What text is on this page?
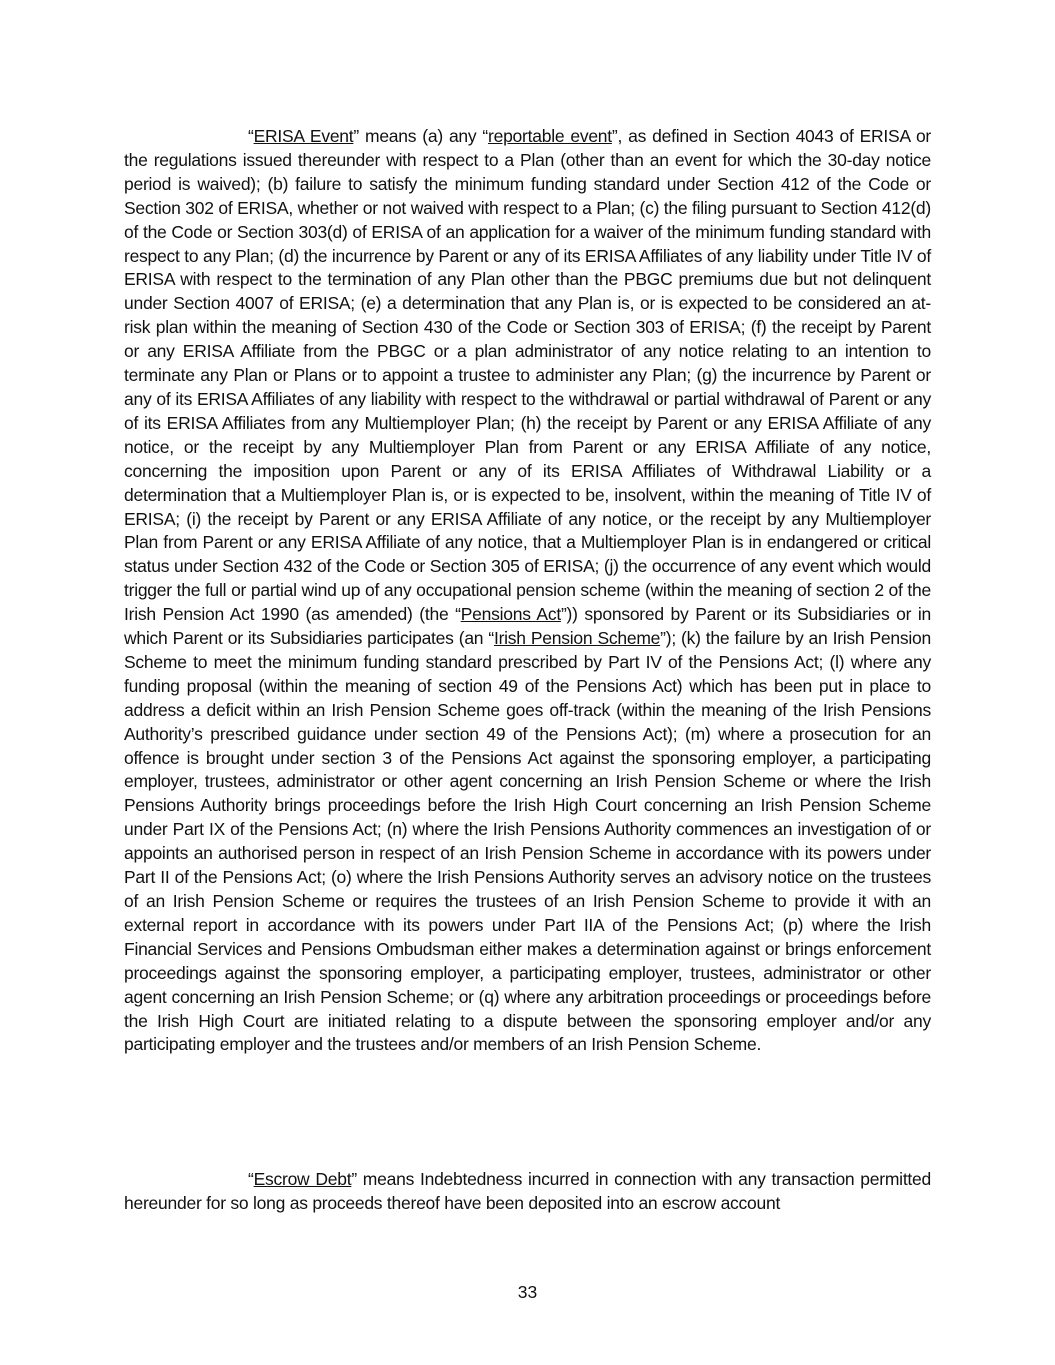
“ERISA Event” means (a) any “reportable event”, as defined in Section 4043 of ERISA or the regulations issued thereunder with respect to a Plan (other than an event for which the 30-day notice period is waived); (b) failure to satisfy the minimum funding standard under Section 412 of the Code or Section 302 of ERISA, whether or not waived with respect to a Plan; (c) the filing pursuant to Section 412(d) of the Code or Section 303(d) of ERISA of an application for a waiver of the minimum funding standard with respect to any Plan; (d) the incurrence by Parent or any of its ERISA Affiliates of any liability under Title IV of ERISA with respect to the termination of any Plan other than the PBGC premiums due but not delinquent under Section 4007 of ERISA; (e) a determination that any Plan is, or is expected to be considered an at-risk plan within the meaning of Section 430 of the Code or Section 303 of ERISA; (f) the receipt by Parent or any ERISA Affiliate from the PBGC or a plan administrator of any notice relating to an intention to terminate any Plan or Plans or to appoint a trustee to administer any Plan; (g) the incurrence by Parent or any of its ERISA Affiliates of any liability with respect to the withdrawal or partial withdrawal of Parent or any of its ERISA Affiliates from any Multiemployer Plan; (h) the receipt by Parent or any ERISA Affiliate of any notice, or the receipt by any Multiemployer Plan from Parent or any ERISA Affiliate of any notice, concerning the imposition upon Parent or any of its ERISA Affiliates of Withdrawal Liability or a determination that a Multiemployer Plan is, or is expected to be, insolvent, within the meaning of Title IV of ERISA; (i) the receipt by Parent or any ERISA Affiliate of any notice, or the receipt by any Multiemployer Plan from Parent or any ERISA Affiliate of any notice, that a Multiemployer Plan is in endangered or critical status under Section 432 of the Code or Section 305 of ERISA; (j) the occurrence of any event which would trigger the full or partial wind up of any occupational pension scheme (within the meaning of section 2 of the Irish Pension Act 1990 (as amended) (the “Pensions Act”)) sponsored by Parent or its Subsidiaries or in which Parent or its Subsidiaries participates (an “Irish Pension Scheme”); (k) the failure by an Irish Pension Scheme to meet the minimum funding standard prescribed by Part IV of the Pensions Act; (l) where any funding proposal (within the meaning of section 49 of the Pensions Act) which has been put in place to address a deficit within an Irish Pension Scheme goes off-track (within the meaning of the Irish Pensions Authority’s prescribed guidance under section 49 of the Pensions Act); (m) where a prosecution for an offence is brought under section 3 of the Pensions Act against the sponsoring employer, a participating employer, trustees, administrator or other agent concerning an Irish Pension Scheme or where the Irish Pensions Authority brings proceedings before the Irish High Court concerning an Irish Pension Scheme under Part IX of the Pensions Act; (n) where the Irish Pensions Authority commences an investigation of or appoints an authorised person in respect of an Irish Pension Scheme in accordance with its powers under Part II of the Pensions Act; (o) where the Irish Pensions Authority serves an advisory notice on the trustees of an Irish Pension Scheme or requires the trustees of an Irish Pension Scheme to provide it with an external report in accordance with its powers under Part IIA of the Pensions Act; (p) where the Irish Financial Services and Pensions Ombudsman either makes a determination against or brings enforcement proceedings against the sponsoring employer, a participating employer, trustees, administrator or other agent concerning an Irish Pension Scheme; or (q) where any arbitration proceedings or proceedings before the Irish High Court are initiated relating to a dispute between the sponsoring employer and/or any participating employer and the trustees and/or members of an Irish Pension Scheme.

“Escrow Debt” means Indebtedness incurred in connection with any transaction permitted hereunder for so long as proceeds thereof have been deposited into an escrow account

33
